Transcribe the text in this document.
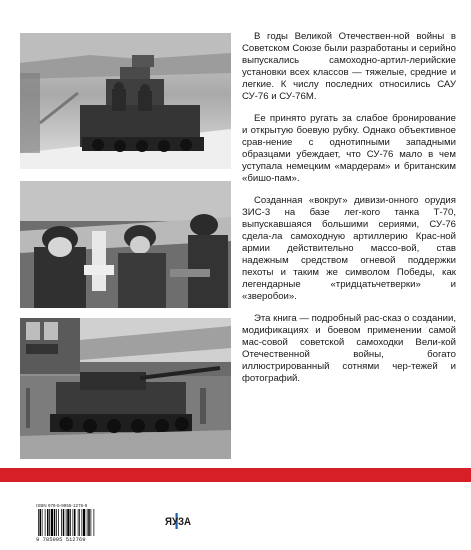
В годы Великой Отечествен-ной войны в Советском Союзе были разработаны и серийно выпускались самоходно-артил-лерийские установки всех классов — тяжелые, средние и легкие. К числу последних относились САУ СУ-76 и СУ-76М.

Ее принято ругать за слабое бронирование и открытую боевую рубку. Однако объективное срав-нение с однотипными западными образцами убеждает, что СУ-76 мало в чем уступала немецким «мардерам» и британским «бишо-пам».

Созданная «вокруг» дивизи-онного орудия ЗИС-3 на базе лег-кого танка Т-70, выпускавшаяся большими сериями, СУ-76 сдела-ла самоходную артиллерию Крас-ной армии действительно массо-вой, став надежным средством огневой поддержки пехоты и таким же символом Победы, как легендарные «тридцатьчетверки» и «зверобои».

Эта книга — подробный рас-сказ о создании, модификациях и боевом применении самой мас-совой советской самоходки Вели-кой Отечественной войны, богато иллюстрированный сотнями чер-тежей и фотографий.

ISBN 978-5-9955-1276-9
9 785995 512769
ЯУЗА
